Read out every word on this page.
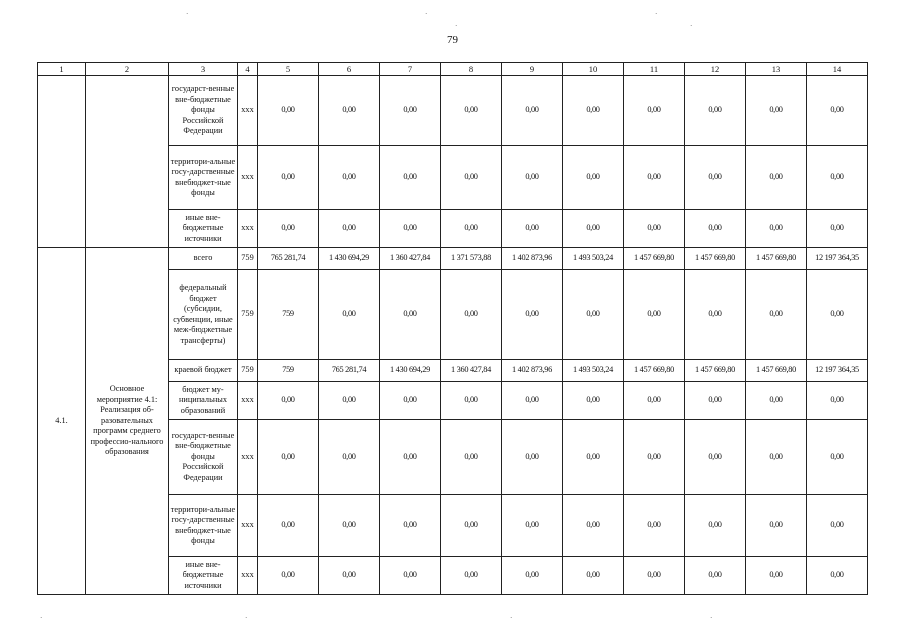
79
·	·	·
·	·
·	·	·	·
1	2	3	4	5	6	7	8	9	10	11	12	13	14
		государст-венные вне-бюджетные фонды Российской Федерации	xxx	0,00	0,00	0,00	0,00	0,00	0,00	0,00	0,00	0,00	0,00
		территори-альные госу-дарственные внебюджет-ные фонды	xxx	0,00	0,00	0,00	0,00	0,00	0,00	0,00	0,00	0,00	0,00
		иные вне-бюджетные источники	xxx	0,00	0,00	0,00	0,00	0,00	0,00	0,00	0,00	0,00	0,00
4.1.	Основное мероприятие 4.1: Реализация об-разовательных программ среднего профессио-нального образования	всего	759	765 281,74	1 430 694,29	1 360 427,84	1 371 573,88	1 402 873,96	1 493 503,24	1 457 669,80	1 457 669,80	1 457 669,80	12 197 364,35
		федеральный бюджет (субсидии, субвенции, иные меж-бюджетные трансферты)	759	759	0,00	0,00	0,00	0,00	0,00	0,00	0,00	0,00	0,00
		краевой бюджет	759	759	765 281,74	1 430 694,29	1 360 427,84	1 402 873,96	1 493 503,24	1 457 669,80	1 457 669,80	1 457 669,80	12 197 364,35
		бюджет му-ниципальных образований	xxx	0,00	0,00	0,00	0,00	0,00	0,00	0,00	0,00	0,00	0,00
		государст-венные вне-бюджетные фонды Российской Федерации	xxx	0,00	0,00	0,00	0,00	0,00	0,00	0,00	0,00	0,00	0,00
		территори-альные госу-дарственные внебюджет-ные фонды	xxx	0,00	0,00	0,00	0,00	0,00	0,00	0,00	0,00	0,00	0,00
		иные вне-бюджетные источники	xxx	0,00	0,00	0,00	0,00	0,00	0,00	0,00	0,00	0,00	0,00
